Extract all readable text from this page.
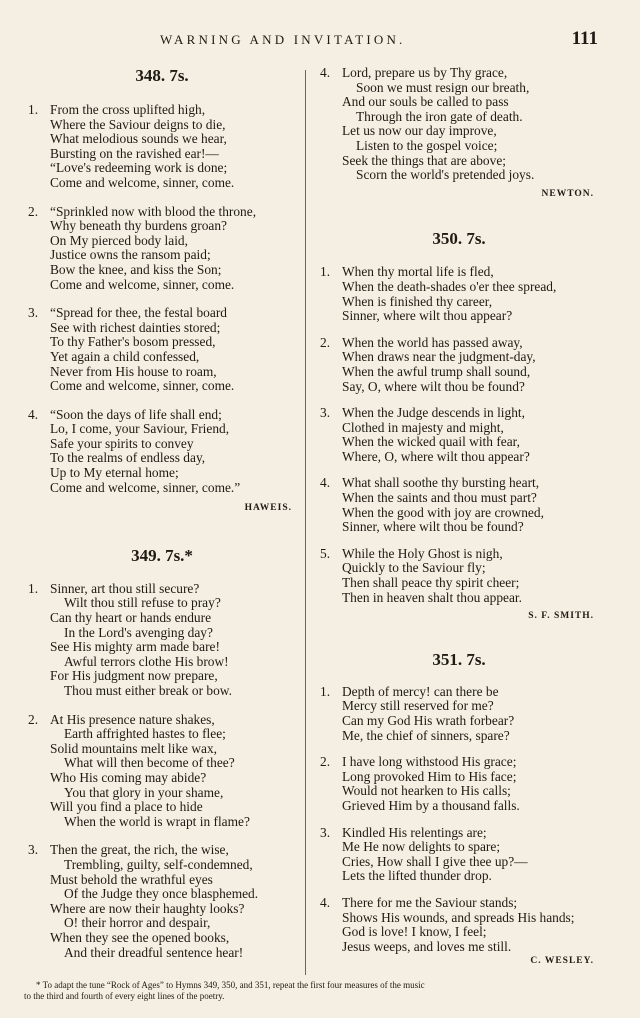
WARNING AND INVITATION.	111
348. 7s.
1. From the cross uplifted high,
Where the Saviour deigns to die,
What melodious sounds we hear,
Bursting on the ravished ear!—
“Love's redeeming work is done;
Come and welcome, sinner, come.
2. “Sprinkled now with blood the throne,
Why beneath thy burdens groan?
On My pierced body laid,
Justice owns the ransom paid;
Bow the knee, and kiss the Son;
Come and welcome, sinner, come.
3. “Spread for thee, the festal board
See with richest dainties stored;
To thy Father's bosom pressed,
Yet again a child confessed,
Never from His house to roam,
Come and welcome, sinner, come.
4. “Soon the days of life shall end;
Lo, I come, your Saviour, Friend,
Safe your spirits to convey
To the realms of endless day,
Up to My eternal home;
Come and welcome, sinner, come.”
HAWEIS.
349. 7s.*
1. Sinner, art thou still secure?
Wilt thou still refuse to pray?
Can thy heart or hands endure
In the Lord's avenging day?
See His mighty arm made bare!
Awful terrors clothe His brow!
For His judgment now prepare,
Thou must either break or bow.
2. At His presence nature shakes,
Earth affrighted hastes to flee;
Solid mountains melt like wax,
What will then become of thee?
Who His coming may abide?
You that glory in your shame,
Will you find a place to hide
When the world is wrapt in flame?
3. Then the great, the rich, the wise,
Trembling, guilty, self-condemned,
Must behold the wrathful eyes
Of the Judge they once blasphemed.
Where are now their haughty looks?
O! their horror and despair,
When they see the opened books,
And their dreadful sentence hear!
4. Lord, prepare us by Thy grace,
Soon we must resign our breath,
And our souls be called to pass
Through the iron gate of death.
Let us now our day improve,
Listen to the gospel voice;
Seek the things that are above;
Scorn the world's pretended joys.
NEWTON.
350. 7s.
1. When thy mortal life is fled,
When the death-shades o'er thee spread,
When is finished thy career,
Sinner, where wilt thou appear?
2. When the world has passed away,
When draws near the judgment-day,
When the awful trump shall sound,
Say, O, where wilt thou be found?
3. When the Judge descends in light,
Clothed in majesty and might,
When the wicked quail with fear,
Where, O, where wilt thou appear?
4. What shall soothe thy bursting heart,
When the saints and thou must part?
When the good with joy are crowned,
Sinner, where wilt thou be found?
5. While the Holy Ghost is nigh,
Quickly to the Saviour fly;
Then shall peace thy spirit cheer;
Then in heaven shalt thou appear.
S. F. SMITH.
351. 7s.
1. Depth of mercy! can there be
Mercy still reserved for me?
Can my God His wrath forbear?
Me, the chief of sinners, spare?
2. I have long withstood His grace;
Long provoked Him to His face;
Would not hearken to His calls;
Grieved Him by a thousand falls.
3. Kindled His relentings are;
Me He now delights to spare;
Cries, How shall I give thee up?—
Lets the lifted thunder drop.
4. There for me the Saviour stands;
Shows His wounds, and spreads His hands;
God is love! I know, I feel;
Jesus weeps, and loves me still.
C. WESLEY.
* To adapt the tune “Rock of Ages” to Hymns 349, 350, and 351, repeat the first four measures of the music
to the third and fourth of every eight lines of the poetry.
